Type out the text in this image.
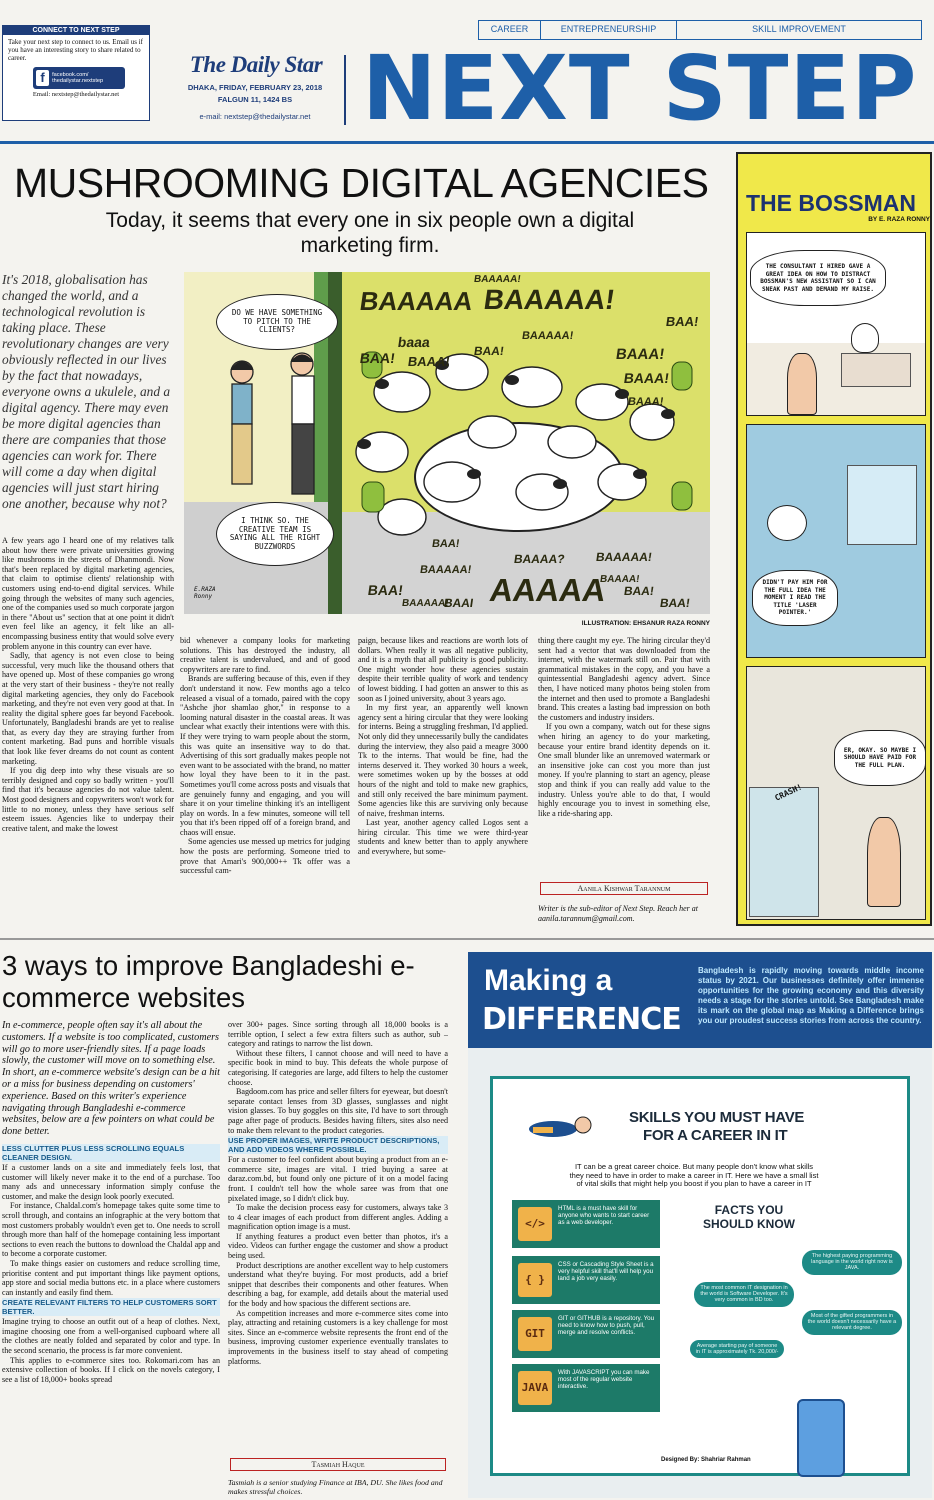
CONNECT TO NEXT STEP
Take your next step to connect to us. Email us if you have an interesting story to share related to career.
f	facebook.com/ thedailystar.nextstep
Email: nextstep@thedailystar.net
The Daily Star
DHAKA, FRIDAY, FEBRUARY 23, 2018
FALGUN 11, 1424 BS
e-mail: nextstep@thedailystar.net
CAREER	ENTREPRENEURSHIP	SKILL IMPROVEMENT
NEXT STEP
MUSHROOMING DIGITAL AGENCIES
Today, it seems that every one in six people own a digital marketing firm.
It's 2018, globalisation has changed the world, and a technological revolution is taking place. These revolutionary changes are very obviously reflected in our lives by the fact that nowadays, everyone owns a ukulele, and a digital agency. There may even be more digital agencies than there are companies that those agencies can work for. There will come a day when digital agencies will just start hiring one another, because why not?

A few years ago I heard one of my relatives talk about how there were private universities growing like mushrooms in the streets of Dhanmondi. Now that's been replaced by digital marketing agencies, that claim to optimise clients' relationship with customers using end-to-end digital services. While going through the websites of many such agencies, one of the companies used so much corporate jargon in there "About us" section that at one point it didn't even feel like an agency, it felt like an all-encompassing business entity that would solve every problem anyone in this country can ever have.

Sadly, that agency is not even close to being successful, very much like the thousand others that have opened up. Most of these companies go wrong at the very start of their business - they're not really digital marketing agencies, they only do Facebook marketing, and they're not even very good at that. In reality the digital sphere goes far beyond Facebook. Unfortunately, Bangladeshi brands are yet to realise that, as every day they are straying further from content marketing. Bad puns and horrible visuals that look like fever dreams do not count as content marketing.

If you dig deep into why these visuals are so terribly designed and copy so badly written - you'll find that it's because agencies do not value talent. Most good designers and copywriters won't work for little to no money, unless they have serious self esteem issues. Agencies like to underpay their creative talent, and make the lowest

DO WE HAVE SOMETHING TO PITCH TO THE CLIENTS?
I THINK SO. THE CREATIVE TEAM IS SAYING ALL THE RIGHT BUZZWORDS
E.RAZA Ronny
BAAAAA BAAAAA!
BAAAAA!
BAAAAA!
baaa
BAA! BAAA!
BAA!
BAA!
BAAA!
BAAA!
BAAA!
BAA!
BAAAAA!
BAAAA? BAAAAA!
BAAAA!
BAA!
BAAAAA!
BAAI AAAAA BAA!
BAA!
ILLUSTRATION: EHSANUR RAZA RONNY

bid whenever a company looks for marketing solutions. This has destroyed the industry, all creative talent is undervalued, and and of good copywriters are rare to find.

Brands are suffering because of this, even if they don't understand it now. Few months ago a telco released a visual of a tornado, paired with the copy "Ashche jhor shamlao ghor," in response to a looming natural disaster in the coastal areas. It was unclear what exactly their intentions were with this. If they were trying to warn people about the storm, this was quite an insensitive way to do that. Advertising of this sort gradually makes people not even want to be associated with the brand, no matter how loyal they have been to it in the past. Sometimes you'll come across posts and visuals that are genuinely funny and engaging, and you will share it on your timeline thinking it's an intelligent play on words. In a few minutes, someone will tell you that it's been ripped off of a foreign brand, and chaos will ensue.

Some agencies use messed up metrics for judging how the posts are performing. Someone tried to prove that Amari's 900,000++ Tk offer was a successful cam-

paign, because likes and reactions are worth lots of dollars. When really it was all negative publicity, and it is a myth that all publicity is good publicity. One might wonder how these agencies sustain despite their terrible quality of work and tendency of lowest bidding. I had gotten an answer to this as soon as I joined university, about 3 years ago.

In my first year, an apparently well known agency sent a hiring circular that they were looking for interns. Being a struggling freshman, I'd applied. Not only did they unnecessarily bully the candidates during the interview, they also paid a meagre 3000 Tk to the interns. That would be fine, had the interns deserved it. They worked 30 hours a week, were sometimes woken up by the bosses at odd hours of the night and told to make new graphics, and still only received the bare minimum payment. Some agencies like this are surviving only because of naive, freshman interns.

Last year, another agency called Logos sent a hiring circular. This time we were third-year students and knew better than to apply anywhere and everywhere, but some-

thing there caught my eye. The hiring circular they'd sent had a vector that was downloaded from the internet, with the watermark still on. Pair that with grammatical mistakes in the copy, and you have a quintessential Bangladeshi agency advert. Since then, I have noticed many photos being stolen from the internet and then used to promote a Bangladeshi brand. This creates a lasting bad impression on both the customers and industry insiders.

If you own a company, watch out for these signs when hiring an agency to do your marketing, because your entire brand identity depends on it. One small blunder like an unremoved watermark or an insensitive joke can cost you more than just money. If you're planning to start an agency, please stop and think if you can really add value to the industry. Unless you're able to do that, I would highly encourage you to invest in something else, like a ride-sharing app.

Aanila Kishwar Tarannum
Writer is the sub-editor of Next Step. Reach her at aanila.tarannum@gmail.com.
THE BOSSMAN
BY E. RAZA RONNY
THE CONSULTANT I HIRED GAVE A GREAT IDEA ON HOW TO DISTRACT BOSSMAN'S NEW ASSISTANT SO I CAN SNEAK PAST AND DEMAND MY RAISE.
DIDN'T PAY HIM FOR THE FULL IDEA THE MOMENT I READ THE TITLE 'LASER POINTER.'
ER, OKAY. SO MAYBE I SHOULD HAVE PAID FOR THE FULL PLAN.
CRASH!
3 ways to improve Bangladeshi e-commerce websites
In e-commerce, people often say it's all about the customers. If a website is too complicated, customers will go to more user-friendly sites. If a page loads slowly, the customer will move on to something else. In short, an e-commerce website's design can be a hit or a miss for business depending on customers' experience. Based on this writer's experience navigating through Bangladeshi e-commerce websites, below are a few pointers on what could be done better.
LESS CLUTTER PLUS LESS SCROLLING EQUALS CLEANER DESIGN.

If a customer lands on a site and immediately feels lost, that customer will likely never make it to the end of a purchase. Too many ads and unnecessary information simply confuse the customer, and make the design look poorly executed.

For instance, Chaldal.com's homepage takes quite some time to scroll through, and contains an infographic at the very bottom that most customers probably wouldn't even get to. One needs to scroll through more than half of the homepage containing less important sections to even reach the buttons to download the Chaldal app and to become a corporate customer.

To make things easier on customers and reduce scrolling time, prioritise content and put important things like payment options, app store and social media buttons etc. in a place where customers can instantly and easily find them.

CREATE RELEVANT FILTERS TO HELP CUSTOMERS SORT BETTER.

Imagine trying to choose an outfit out of a heap of clothes. Next, imagine choosing one from a well-organised cupboard where all the clothes are neatly folded and separated by color and type. In the second scenario, the process is far more convenient.

This applies to e-commerce sites too. Rokomari.com has an extensive collection of books. If I click on the novels category, I see a list of 18,000+ books spread

over 300+ pages. Since sorting through all 18,000 books is a terrible option, I select a few extra filters such as author, sub – category and ratings to narrow the list down.

Without these filters, I cannot choose and will need to have a specific book in mind to buy. This defeats the whole purpose of categorising. If categories are large, add filters to help the customer choose.

Bagdoom.com has price and seller filters for eyewear, but doesn't separate contact lenses from 3D glasses, sunglasses and night vision glasses. To buy goggles on this site, I'd have to sort through page after page of products. Besides having filters, sites also need to make them relevant to the product categories.

USE PROPER IMAGES, WRITE PRODUCT DESCRIPTIONS, AND ADD VIDEOS WHERE POSSIBLE.

For a customer to feel confident about buying a product from an e-commerce site, images are vital. I tried buying a saree at daraz.com.bd, but found only one picture of it on a model facing front. I couldn't tell how the whole saree was from that one pixelated image, so I didn't click buy.

To make the decision process easy for customers, always take 3 to 4 clear images of each product from different angles. Adding a magnification option image is a must.

If anything features a product even better than photos, it's a video. Videos can further engage the customer and show a product being used.

Product descriptions are another excellent way to help customers understand what they're buying. For most products, add a brief snippet that describes their components and other features. When describing a bag, for example, add details about the material used for the body and how spacious the different sections are.

As competition increases and more e-commerce sites come into play, attracting and retaining customers is a key challenge for most sites. Since an e-commerce website represents the front end of the business, improving customer experience eventually translates to improvements in the business itself to stay ahead of competing platforms.

Tasmiah Haque
Tasmiah is a senior studying Finance at IBA, DU. She likes food and makes stressful choices.
Making a
DIFFERENCE
Bangladesh is rapidly moving towards middle income status by 2021. Our businesses definitely offer immense opportunities for the growing economy and this diversity needs a stage for the stories untold. See Bangladesh make its mark on the global map as Making a Difference brings you our proudest success stories from across the country.
SKILLS YOU MUST HAVE
FOR A CAREER IN IT
IT can be a great career choice. But many people don't know what skills they need to have in order to make a career in IT. Here we have a small list of vital skills that might help you boost if you plan to have a career in IT
FACTS YOU SHOULD KNOW
Designed By: Shahriar Rahman
</>
HTML is a must have skill for anyone who wants to start career as a web developer.
{ }
CSS or Cascading Style Sheet is a very helpful skill that'll will help you land a job very easily.
GIT
GIT or GITHUB is a repository. You need to know how to push, pull, merge and resolve conflicts.
JAVA
With JAVASCRIPT you can make most of the regular website interactive.
The highest paying programming language in the world right now is JAVA.
The most common IT designation in the world is Software Developer. It's very common in BD too.
Most of the gifted programmers in the world doesn't necessarily have a relevant degree.
Average starting pay of someone in IT is approximately Tk. 20,000/-
